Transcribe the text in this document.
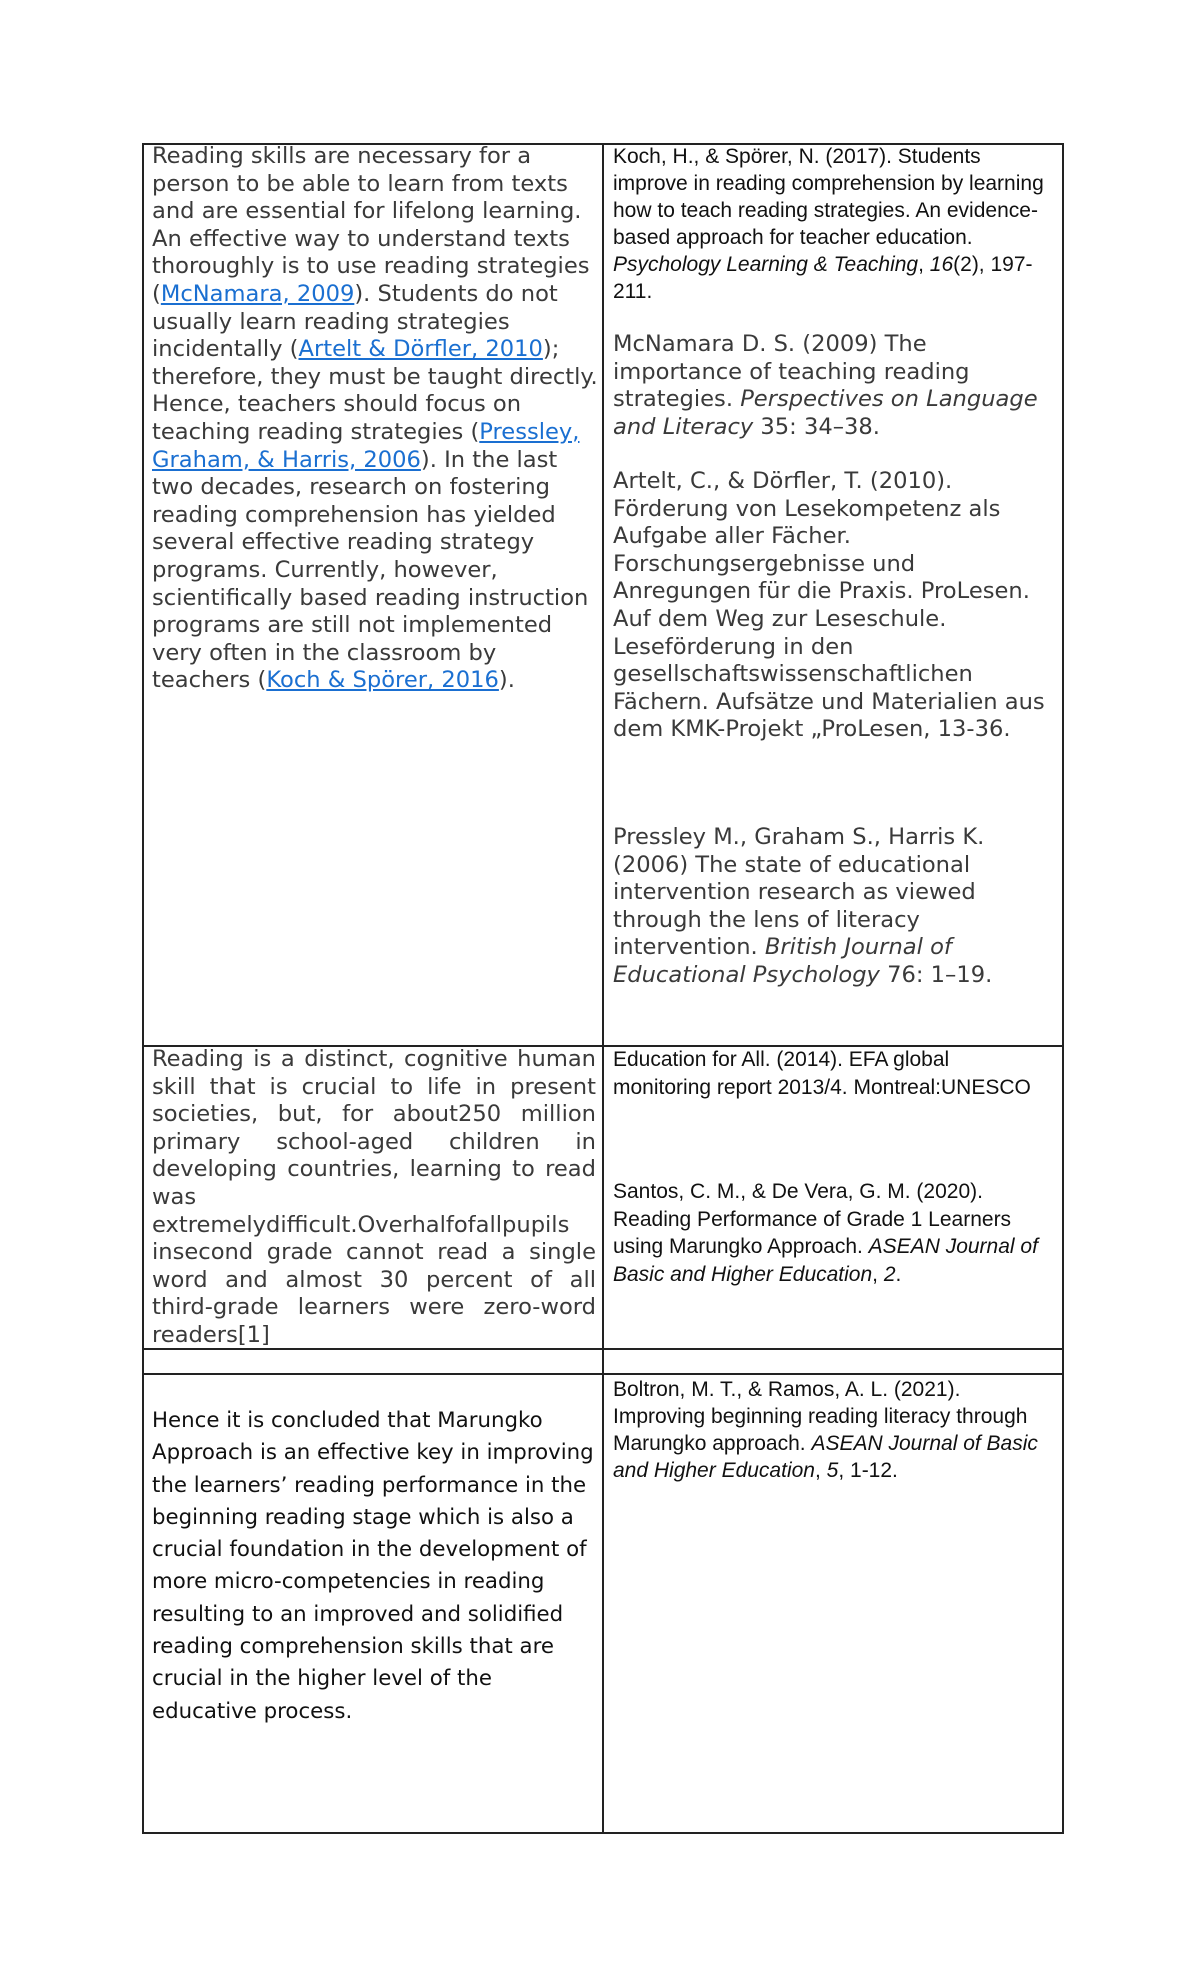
Reading skills are necessary for a person to be able to learn from texts and are essential for lifelong learning. An effective way to understand texts thoroughly is to use reading strategies (McNamara, 2009). Students do not usually learn reading strategies incidentally (Artelt & Dörfler, 2010); therefore, they must be taught directly. Hence, teachers should focus on teaching reading strategies (Pressley, Graham, & Harris, 2006). In the last two decades, research on fostering reading comprehension has yielded several effective reading strategy programs. Currently, however, scientifically based reading instruction programs are still not implemented very often in the classroom by teachers (Koch & Spörer, 2016).

Koch, H., & Spörer, N. (2017). Students improve in reading comprehension by learning how to teach reading strategies. An evidence-based approach for teacher education. Psychology Learning & Teaching, 16(2), 197-211.

McNamara D. S. (2009) The importance of teaching reading strategies. Perspectives on Language and Literacy 35: 34–38.

Artelt, C., & Dörfler, T. (2010). Förderung von Lesekompetenz als Aufgabe aller Fächer. Forschungsergebnisse und Anregungen für die Praxis. ProLesen. Auf dem Weg zur Leseschule. Leseförderung in den gesellschaftswissenschaftlichen Fächern. Aufsätze und Materialien aus dem KMK-Projekt „ProLesen, 13-36.

Pressley M., Graham S., Harris K. (2006) The state of educational intervention research as viewed through the lens of literacy intervention. British Journal of Educational Psychology 76: 1–19.

Reading is a distinct, cognitive human skill that is crucial to life in present societies, but, for about250 million primary school-aged children in developing countries, learning to read was extremelydifficult.Overhalfofallpupils insecond grade cannot read a single word and almost 30 percent of all third-grade learners were zero-word readers[1]

Education for All. (2014). EFA global monitoring report 2013/4. Montreal:UNESCO

Santos, C. M., & De Vera, G. M. (2020). Reading Performance of Grade 1 Learners using Marungko Approach. ASEAN Journal of Basic and Higher Education, 2.

Hence it is concluded that Marungko Approach is an effective key in improving the learners’ reading performance in the beginning reading stage which is also a crucial foundation in the development of more micro-competencies in reading resulting to an improved and solidified reading comprehension skills that are crucial in the higher level of the educative process.

Boltron, M. T., & Ramos, A. L. (2021). Improving beginning reading literacy through Marungko approach. ASEAN Journal of Basic and Higher Education, 5, 1-12.
